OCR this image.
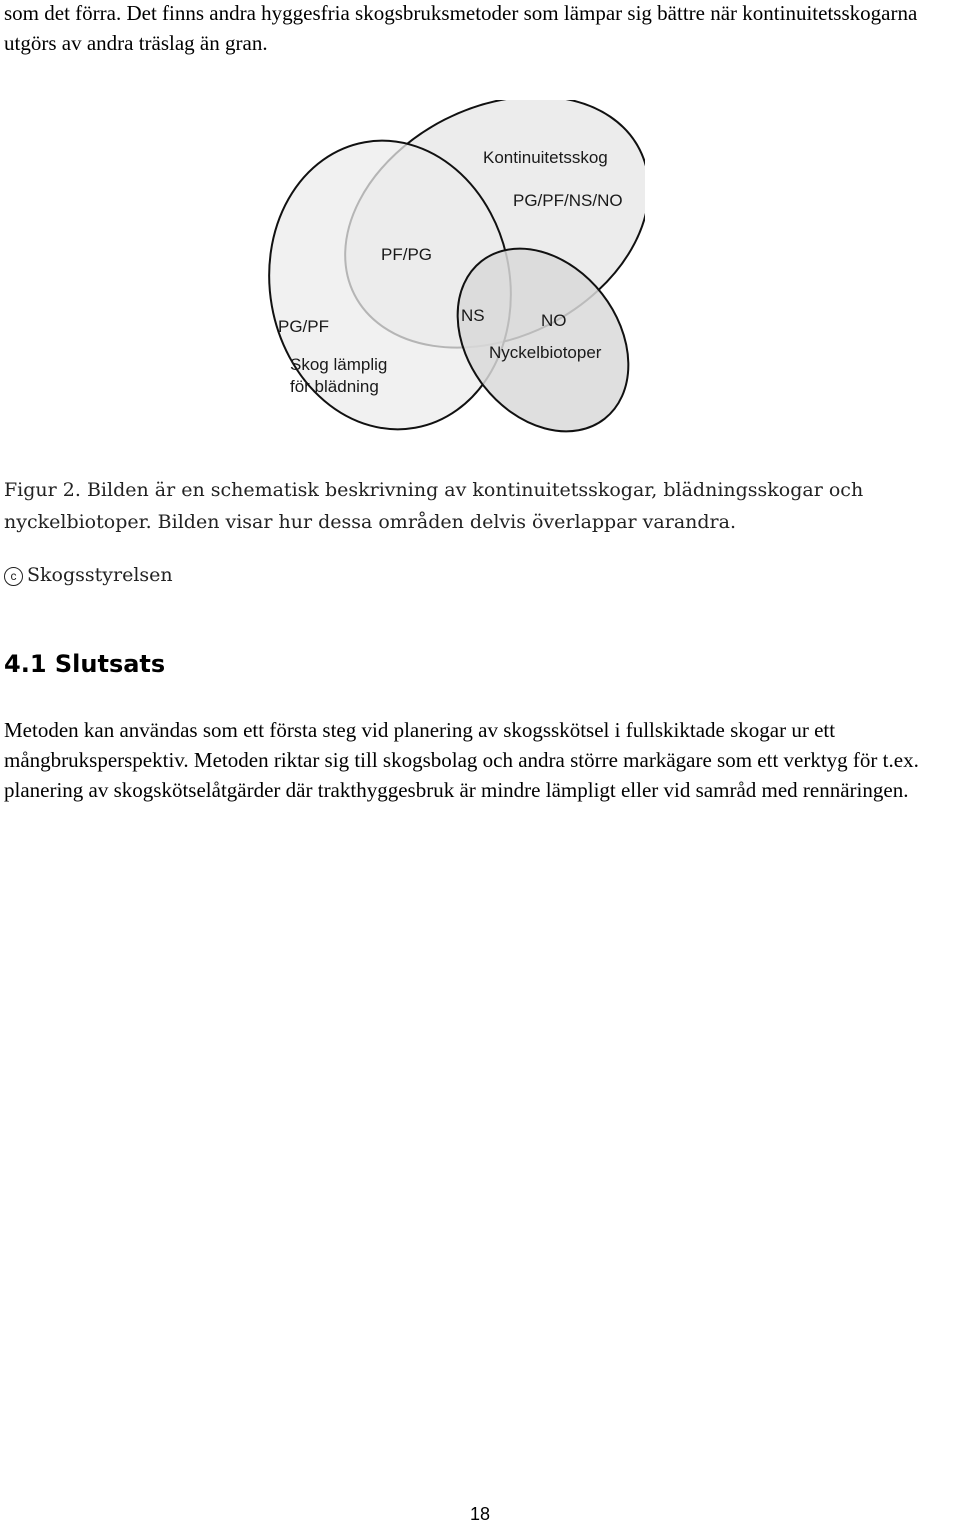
som det förra. Det finns andra hyggesfria skogsbruksmetoder som lämpar sig bättre när kontinuitetsskogarna utgörs av andra träslag än gran.

Kontinuitetsskog
PG/PF/NS/NO
PF/PG
NS	NO
Nyckelbiotoper
PG/PF
Skog lämplig
för blädning

Figur 2. Bilden är en schematisk beskrivning av kontinuitetsskogar, blädningsskogar och nyckelbiotoper. Bilden visar hur dessa områden delvis överlappar varandra.

c Skogsstyrelsen
4.1 Slutsats

Metoden kan användas som ett första steg vid planering av skogsskötsel i fullskiktade skogar ur ett mångbruksperspektiv. Metoden riktar sig till skogsbolag och andra större markägare som ett verktyg för t.ex. planering av skogskötselåtgärder där trakthyggesbruk är mindre lämpligt eller vid samråd med rennäringen.

18
